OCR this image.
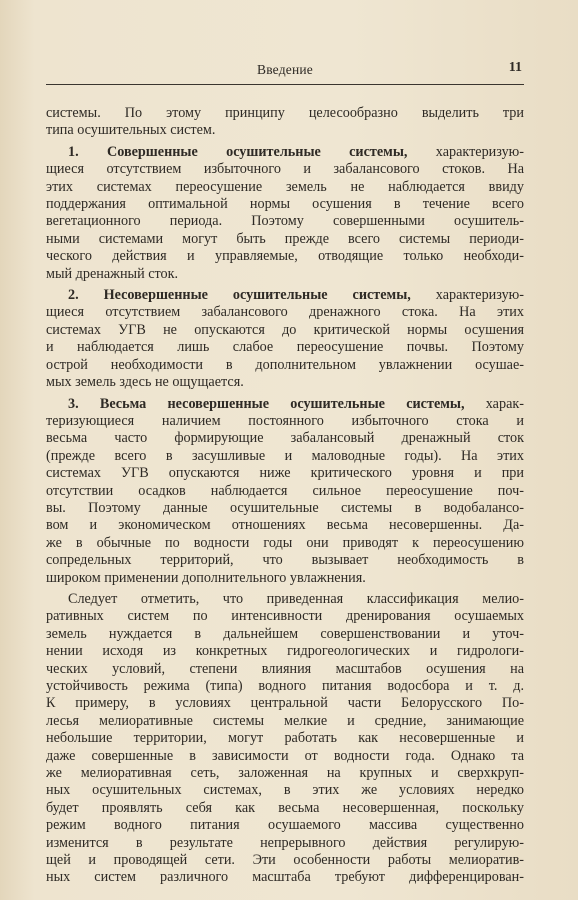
Введение	11
системы. По этому принципу целесообразно выделить три
типа осушительных систем.
1. Совершенные осушительные системы, характеризую-
щиеся отсутствием избыточного и забалансового стоков. На
этих системах переосушение земель не наблюдается ввиду
поддержания оптимальной нормы осушения в течение всего
вегетационного периода. Поэтому совершенными осушитель-
ными системами могут быть прежде всего системы периоди-
ческого действия и управляемые, отводящие только необходи-
мый дренажный сток.
2. Несовершенные осушительные системы, характеризую-
щиеся отсутствием забалансового дренажного стока. На этих
системах УГВ не опускаются до критической нормы осушения
и наблюдается лишь слабое переосушение почвы. Поэтому
острой необходимости в дополнительном увлажнении осушае-
мых земель здесь не ощущается.
3. Весьма несовершенные осушительные системы, харак-
теризующиеся наличием постоянного избыточного стока и
весьма часто формирующие забалансовый дренажный сток
(прежде всего в засушливые и маловодные годы). На этих
системах УГВ опускаются ниже критического уровня и при
отсутствии осадков наблюдается сильное переосушение поч-
вы. Поэтому данные осушительные системы в водобалансо-
вом и экономическом отношениях весьма несовершенны. Да-
же в обычные по водности годы они приводят к переосушению
сопредельных территорий, что вызывает необходимость в
широком применении дополнительного увлажнения.
Следует отметить, что приведенная классификация мелио-
ративных систем по интенсивности дренирования осушаемых
земель нуждается в дальнейшем совершенствовании и уточ-
нении исходя из конкретных гидрогеологических и гидрологи-
ческих условий, степени влияния масштабов осушения на
устойчивость режима (типа) водного питания водосбора и т. д.
К примеру, в условиях центральной части Белорусского По-
лесья мелиоративные системы мелкие и средние, занимающие
небольшие территории, могут работать как несовершенные и
даже совершенные в зависимости от водности года. Однако та
же мелиоративная сеть, заложенная на крупных и сверхкруп-
ных осушительных системах, в этих же условиях нередко
будет проявлять себя как весьма несовершенная, поскольку
режим водного питания осушаемого массива существенно
изменится в результате непрерывного действия регулирую-
щей и проводящей сети. Эти особенности работы мелиоратив-
ных систем различного масштаба требуют дифференцирован-
